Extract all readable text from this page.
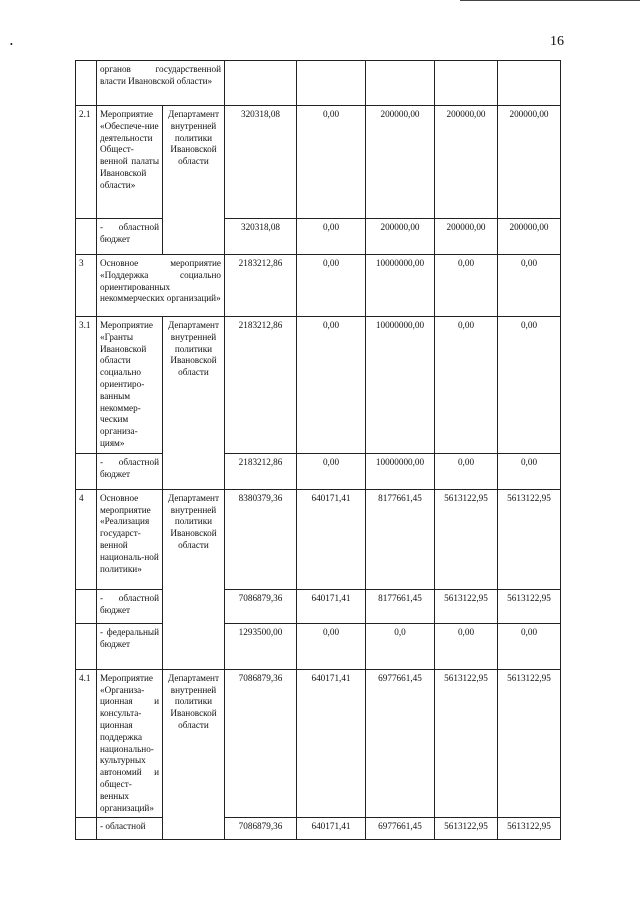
•	16
	органов государственной власти Ивановской области»						
2.1	Мероприятие «Обеспече-ние деятельности Общест-венной палаты Ивановской области»	Департамент внутренней политики Ивановской области	320318,08	0,00	200000,00	200000,00	200000,00
	- областной бюджет		320318,08	0,00	200000,00	200000,00	200000,00
3	Основное мероприятие «Поддержка социально ориентированных некоммерческих организаций»		2183212,86	0,00	10000000,00	0,00	0,00
3.1	Мероприятие «Гранты Ивановской области социально ориентиро-ванным некоммер-ческим организа-циям»	Департамент внутренней политики Ивановской области	2183212,86	0,00	10000000,00	0,00	0,00
	- областной бюджет		2183212,86	0,00	10000000,00	0,00	0,00
4	Основное мероприятие «Реализация государст-венной националь-ной политики»	Департамент внутренней политики Ивановской области	8380379,36	640171,41	8177661,45	5613122,95	5613122,95
	- областной бюджет		7086879,36	640171,41	8177661,45	5613122,95	5613122,95
	- федеральный бюджет		1293500,00	0,00	0,0	0,00	0,00
4.1	Мероприятие «Организа-ционная и консульта-ционная поддержка национально-культурных автономий и общест-венных организаций»	Департамент внутренней политики Ивановской области	7086879,36	640171,41	6977661,45	5613122,95	5613122,95
	- областной		7086879,36	640171,41	6977661,45	5613122,95	5613122,95
